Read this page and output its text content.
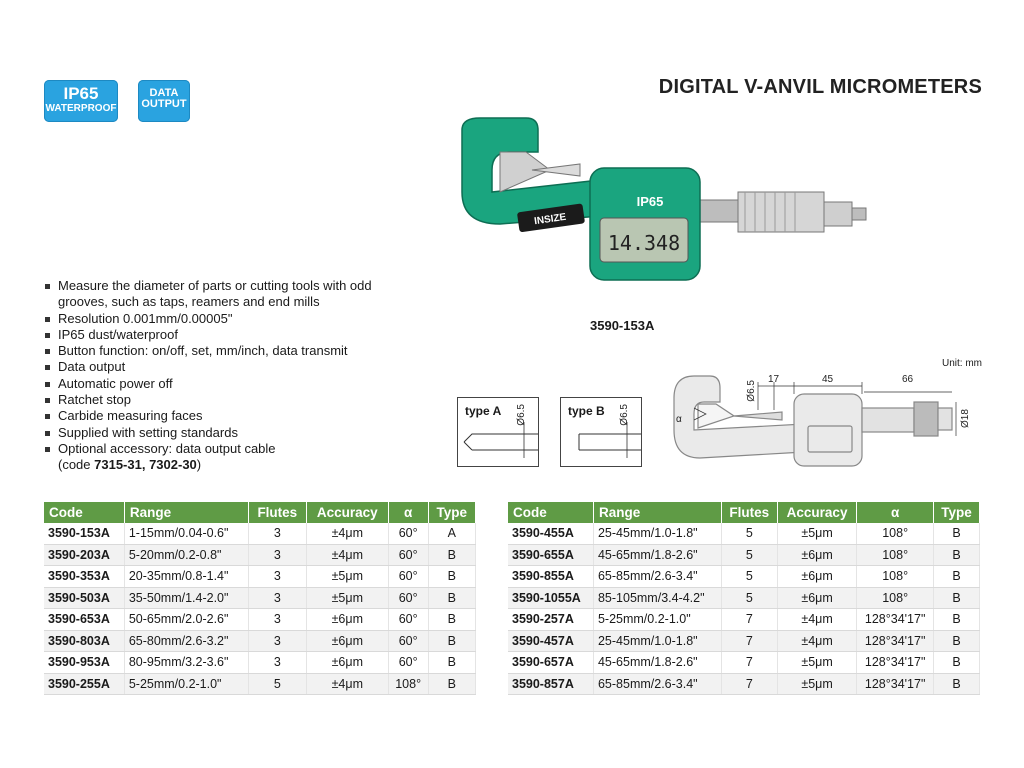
IP65
WATERPROOF
DATA
OUTPUT
DIGITAL V-ANVIL MICROMETERS
14.348
IP65
INSIZE
3590-153A
Measure the diameter of parts or cutting tools with odd grooves, such as taps, reamers and end mills
Resolution 0.001mm/0.00005"
IP65 dust/waterproof
Button function: on/off, set, mm/inch, data transmit
Data output
Automatic power off
Ratchet stop
Carbide measuring faces
Supplied with setting standards
Optional accessory: data output cable
(code 7315-31, 7302-30)
type A Ø6.5	type B Ø6.5
Unit: mm
Ø6.5
17	45	66
Ø18
α
Code	Range	Flutes	Accuracy	α	Type
3590-153A	1-15mm/0.04-0.6"	3	±4μm	60°	A
3590-203A	5-20mm/0.2-0.8"	3	±4μm	60°	B
3590-353A	20-35mm/0.8-1.4"	3	±5μm	60°	B
3590-503A	35-50mm/1.4-2.0"	3	±5μm	60°	B
3590-653A	50-65mm/2.0-2.6"	3	±6μm	60°	B
3590-803A	65-80mm/2.6-3.2"	3	±6μm	60°	B
3590-953A	80-95mm/3.2-3.6"	3	±6μm	60°	B
3590-255A	5-25mm/0.2-1.0"	5	±4μm	108°	B
Code	Range	Flutes	Accuracy	α	Type
3590-455A	25-45mm/1.0-1.8"	5	±5μm	108°	B
3590-655A	45-65mm/1.8-2.6"	5	±6μm	108°	B
3590-855A	65-85mm/2.6-3.4"	5	±6μm	108°	B
3590-1055A	85-105mm/3.4-4.2"	5	±6μm	108°	B
3590-257A	5-25mm/0.2-1.0"	7	±4μm	128°34'17"	B
3590-457A	25-45mm/1.0-1.8"	7	±4μm	128°34'17"	B
3590-657A	45-65mm/1.8-2.6"	7	±5μm	128°34'17"	B
3590-857A	65-85mm/2.6-3.4"	7	±5μm	128°34'17"	B
